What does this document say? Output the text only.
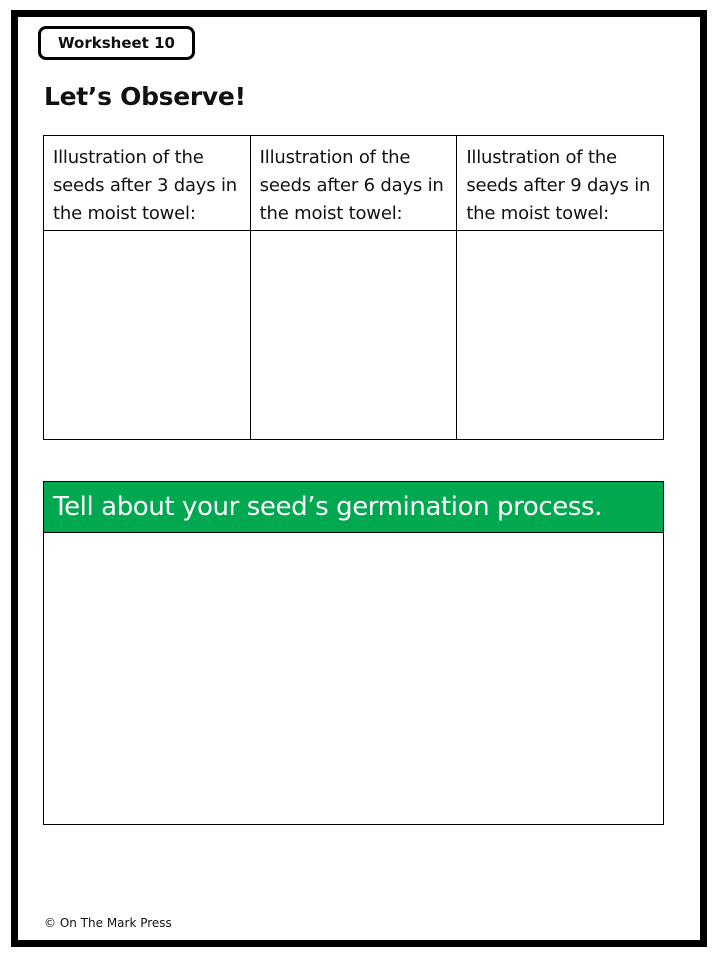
Worksheet 10
Let’s Observe!
Illustration of the seeds after 3 days in the moist towel:	Illustration of the seeds after 6 days in the moist towel:	Illustration of the seeds after 9 days in the moist towel:

Tell about your seed’s germination process.
© On The Mark Press
